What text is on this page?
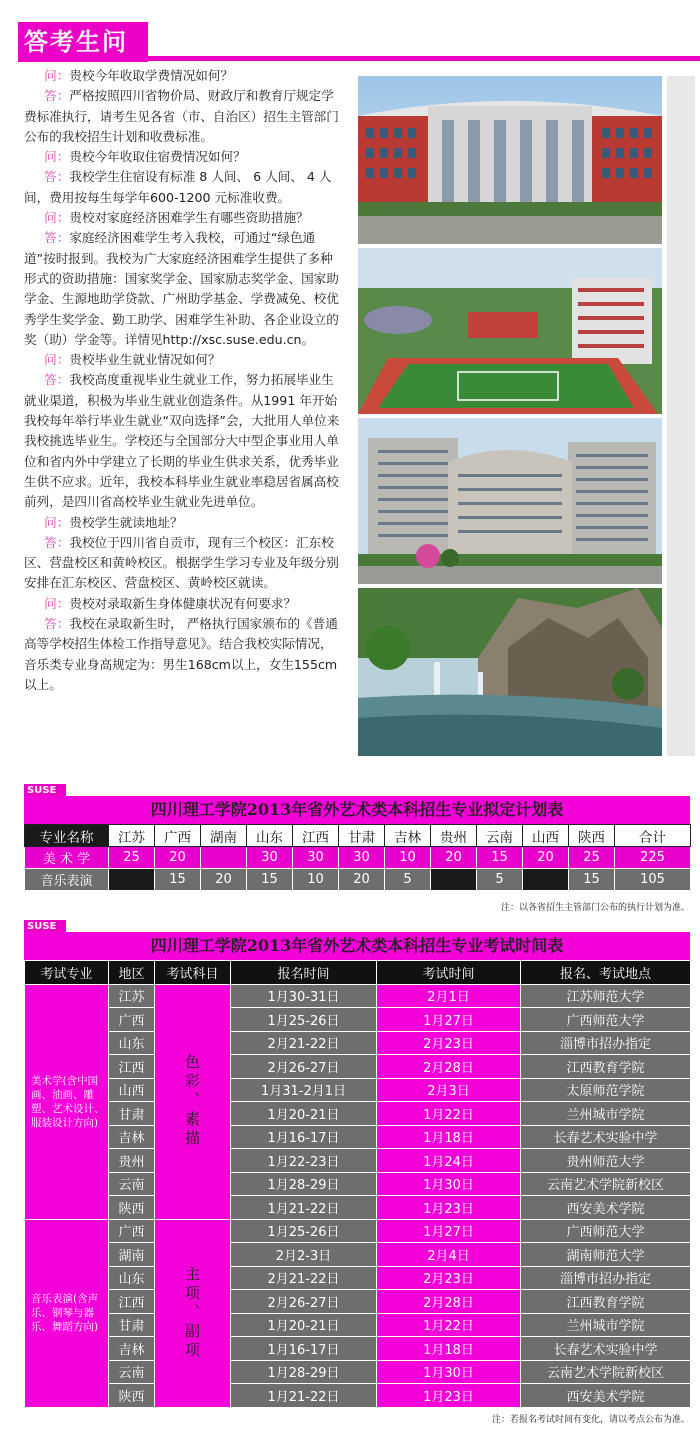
答考生问

问：贵校今年收取学费情况如何？

答：严格按照四川省物价局、财政厅和教育厅规定学费标准执行，请考生见各省（市、自治区）招生主管部门公布的我校招生计划和收费标准。

问：贵校今年收取住宿费情况如何？

答：我校学生住宿设有标准 8 人间、 6 人间、 4 人间，费用按每生每学年600-1200 元标准收费。

问：贵校对家庭经济困难学生有哪些资助措施？

答：家庭经济困难学生考入我校，可通过“绿色通道”按时报到。我校为广大家庭经济困难学生提供了多种形式的资助措施：国家奖学金、国家励志奖学金、国家助学金、生源地助学贷款、广州助学基金、学费减免、校优秀学生奖学金、勤工助学、困难学生补助、各企业设立的奖（助）学金等。详情见http://xsc.suse.edu.cn。

问：贵校毕业生就业情况如何？

答：我校高度重视毕业生就业工作，努力拓展毕业生就业渠道，积极为毕业生就业创造条件。从1991 年开始我校每年举行毕业生就业“双向选择”会，大批用人单位来我校挑选毕业生。学校还与全国部分大中型企事业用人单位和省内外中学建立了长期的毕业生供求关系，优秀毕业生供不应求。近年，我校本科毕业生就业率稳居省属高校前列，是四川省高校毕业生就业先进单位。

问：贵校学生就读地址？

答：我校位于四川省自贡市，现有三个校区：汇东校区、营盘校区和黄岭校区。根据学生学习专业及年级分别安排在汇东校区、营盘校区、黄岭校区就读。

问：贵校对录取新生身体健康状况有何要求？

答：我校在录取新生时， 严格执行国家颁布的《普通高等学校招生体检工作指导意见》。结合我校实际情况，音乐类专业身高规定为：男生168cm以上，女生155cm以上。

SUSE
四川理工学院2013年省外艺术类本科招生专业拟定计划表
专业名称	江苏	广西	湖南	山东	江西	甘肃	吉林	贵州	云南	山西	陕西	合计
美 术 学	25	20		30	30	30	10	20	15	20	25	225
音乐表演		15	20	15	10	20	5		5		15	105
注：以各省招生主管部门公布的执行计划为准。
SUSE
四川理工学院2013年省外艺术类本科招生专业考试时间表
考试专业	地区	考试科目	报名时间	考试时间	报名、考试地点
美术学(含中国画、油画、雕塑、艺术设计、服装设计方向)	江苏	色彩、素描	1月30-31日	2月1日	江苏师范大学
	广西		1月25-26日	1月27日	广西师范大学
	山东		2月21-22日	2月23日	淄博市招办指定
	江西		2月26-27日	2月28日	江西教育学院
	山西		1月31-2月1日	2月3日	太原师范学院
	甘肃		1月20-21日	1月22日	兰州城市学院
	吉林		1月16-17日	1月18日	长春艺术实验中学
	贵州		1月22-23日	1月24日	贵州师范大学
	云南		1月28-29日	1月30日	云南艺术学院新校区
	陕西		1月21-22日	1月23日	西安美术学院
音乐表演(含声乐、钢琴与器乐、舞蹈方向)	广西	主项、副项	1月25-26日	1月27日	广西师范大学
	湖南		2月2-3日	2月4日	湖南师范大学
	山东		2月21-22日	2月23日	淄博市招办指定
	江西		2月26-27日	2月28日	江西教育学院
	甘肃		1月20-21日	1月22日	兰州城市学院
	吉林		1月16-17日	1月18日	长春艺术实验中学
	云南		1月28-29日	1月30日	云南艺术学院新校区
	陕西		1月21-22日	1月23日	西安美术学院
注：若报名考试时间有变化，请以考点公布为准。
